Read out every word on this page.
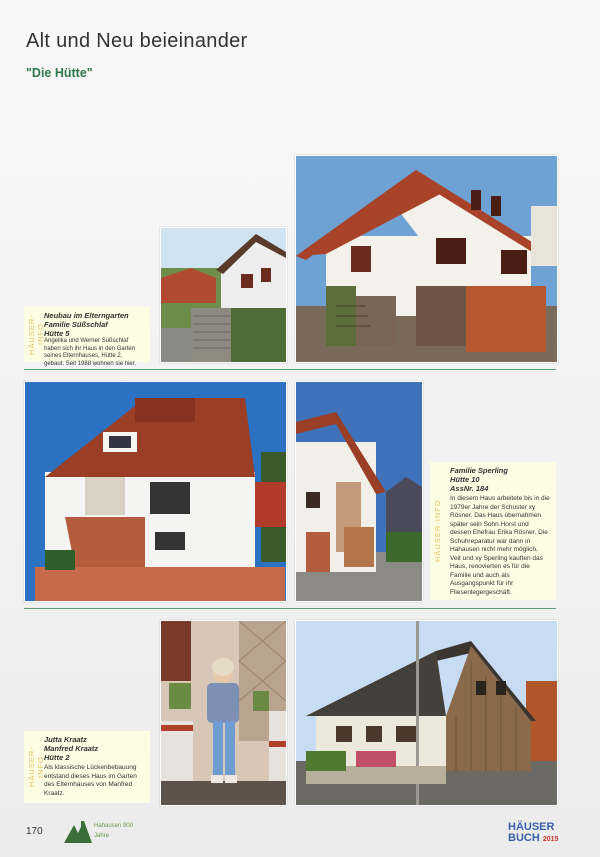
Alt und Neu beieinander
"Die Hütte"
HÄUSER-INFO
Neubau im Elterngarten
Familie Süßschlaf
Hütte 5
Angelika und Werner Süßschlaf haben sich ihr Haus in den Garten seines Elternhauses, Hütte 2, gebaut. Seit 1988 wohnen sie hier.
HÄUSER-INFO
Familie Sperling
Hütte 10
AssNr. 184
In diesem Haus arbeitete bis in die 1979er Jahre der Schuster xy Rösner. Das Haus übernahmen später sein Sohn Horst und dessen Ehefrau Erika Rösner. Die Schuhreparatur war dann in Hahausen nicht mehr möglich. Veit und xy Sperling kauften das Haus, renovierten es für die Familie und auch als Ausgangspunkt für ihr Fliesenlegergeschäft.
HÄUSER-INFO
Jutta Kraatz
Manfred Kraatz
Hütte 2
Als klassische Lückenbebauung entstand dieses Haus im Garten des Elternhauses von Manfred Kraatz.
170	Hahausen 900
Jahre
HÄUSER
BUCH 2015
